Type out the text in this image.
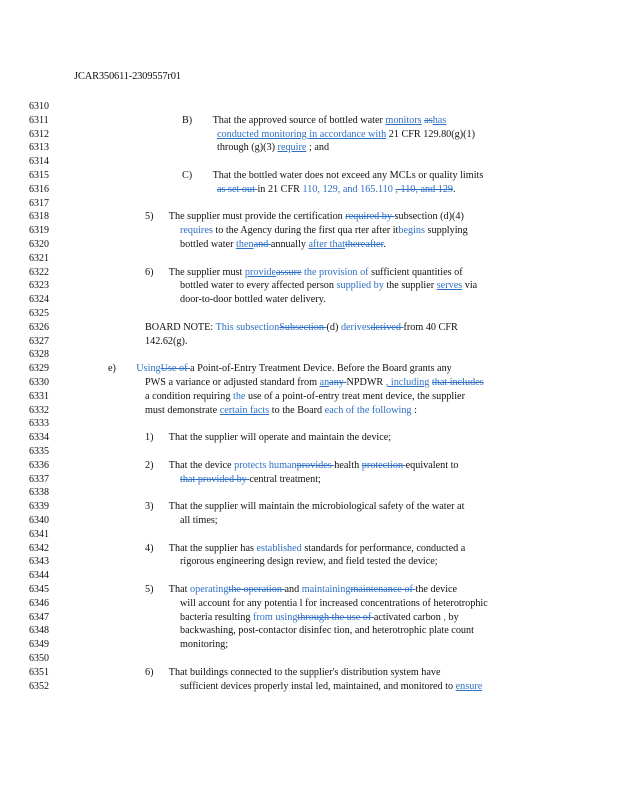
JCAR350611-2309557r01
6310
6311	B)        That the approved source of bottled water monitors ashas
6312	conducted monitoring in accordance with 21 CFR 129.80(g)(1)
6313	through (g)(3) require ; and
6314
6315	C)        That the bottled water does not exceed any MCLs or quality limits
6316	as set out in 21 CFR 110, 129, and 165.110 , 110, and 129.
6317
6318	5)      The supplier must provide the certification required by subsection (d)(4)
6319	requires to the Agency during the first qua rter after itbegins supplying
6320	bottled water thenand annually after thatthereafter.
6321
6322	6)      The supplier must provideassure the provision of sufficient quantities of
6323	bottled water to every affected person supplied by the supplier serves via
6324	door-to-door bottled water delivery.
6325
6326	BOARD NOTE: This subsectionSubsection (d) derivesderived from 40 CFR
6327	142.62(g).
6328
6329	e) UsingUse of a Point-of-Entry Treatment Device. Before the Board grants any
6330	PWS a variance or adjusted standard from anany NPDWR , including that includes
6331	a condition requiring the use of a point-of-entry treat ment device, the supplier
6332	must demonstrate certain facts to the Board each of the following :
6333
6334	1)      That the supplier will operate and maintain the device;
6335
6336	2)      That the device protects humanprovides health protection equivalent to
6337	that provided by central treatment;
6338
6339	3)      That the supplier will maintain the microbiological safety of the water at
6340	all times;
6341
6342	4)      That the supplier has established standards for performance, conducted a
6343	rigorous engineering design review, and field tested the device;
6344
6345	5)      That operatingthe operation and maintainingmaintenance of the device
6346	will account for any potentia l for increased concentrations of heterotrophic
6347	bacteria resulting from usingthrough the use of activated carbon , by
6348	backwashing, post-contactor disinfec tion, and heterotrophic plate count
6349	monitoring;
6350
6351	6)      That buildings connected to the supplier's distribution system have
6352	sufficient devices properly instal led, maintained, and monitored to ensure
